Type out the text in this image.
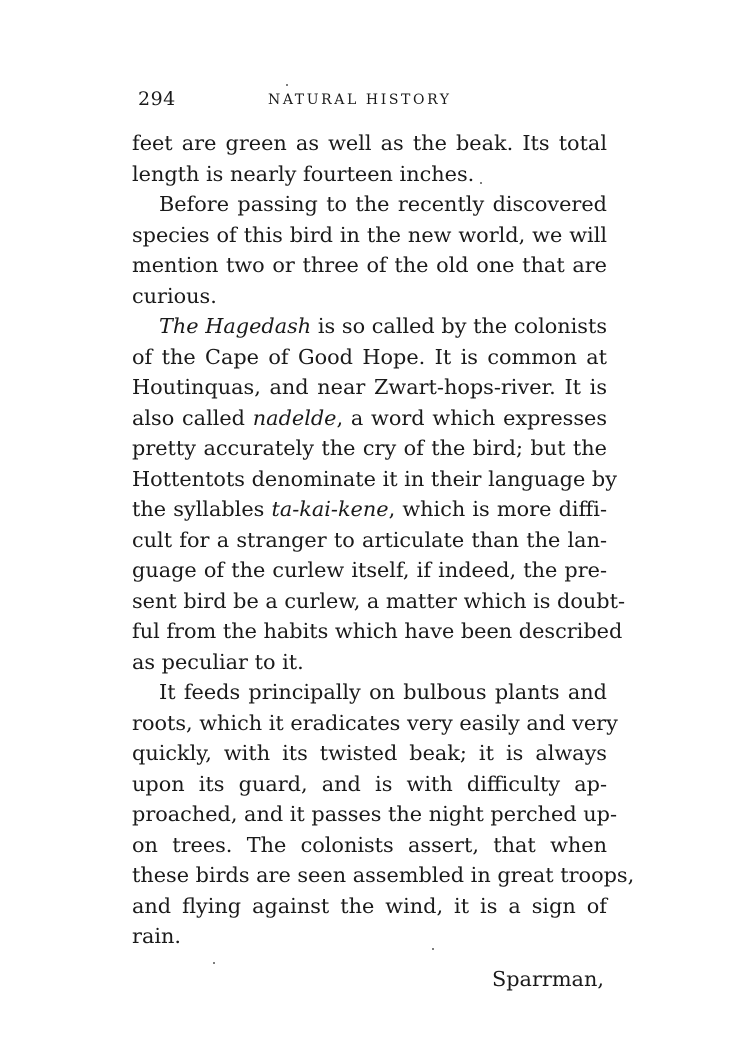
294	NATURAL HISTORY
feet are green as well as the beak. Its total
length is nearly fourteen inches.
Before passing to the recently discovered
species of this bird in the new world, we will
mention two or three of the old one that are
curious.
The Hagedash is so called by the colonists
of the Cape of Good Hope. It is common at
Houtinquas, and near Zwart-hops-river. It is
also called nadelde, a word which expresses
pretty accurately the cry of the bird; but the
Hottentots denominate it in their language by
the syllables ta-kai-kene, which is more diffi-
cult for a stranger to articulate than the lan-
guage of the curlew itself, if indeed, the pre-
sent bird be a curlew, a matter which is doubt-
ful from the habits which have been described
as peculiar to it.
It feeds principally on bulbous plants and
roots, which it eradicates very easily and very
quickly, with its twisted beak; it is always
upon its guard, and is with difficulty ap-
proached, and it passes the night perched up-
on trees. The colonists assert, that when
these birds are seen assembled in great troops,
and flying against the wind, it is a sign of
rain.
Sparrman,
